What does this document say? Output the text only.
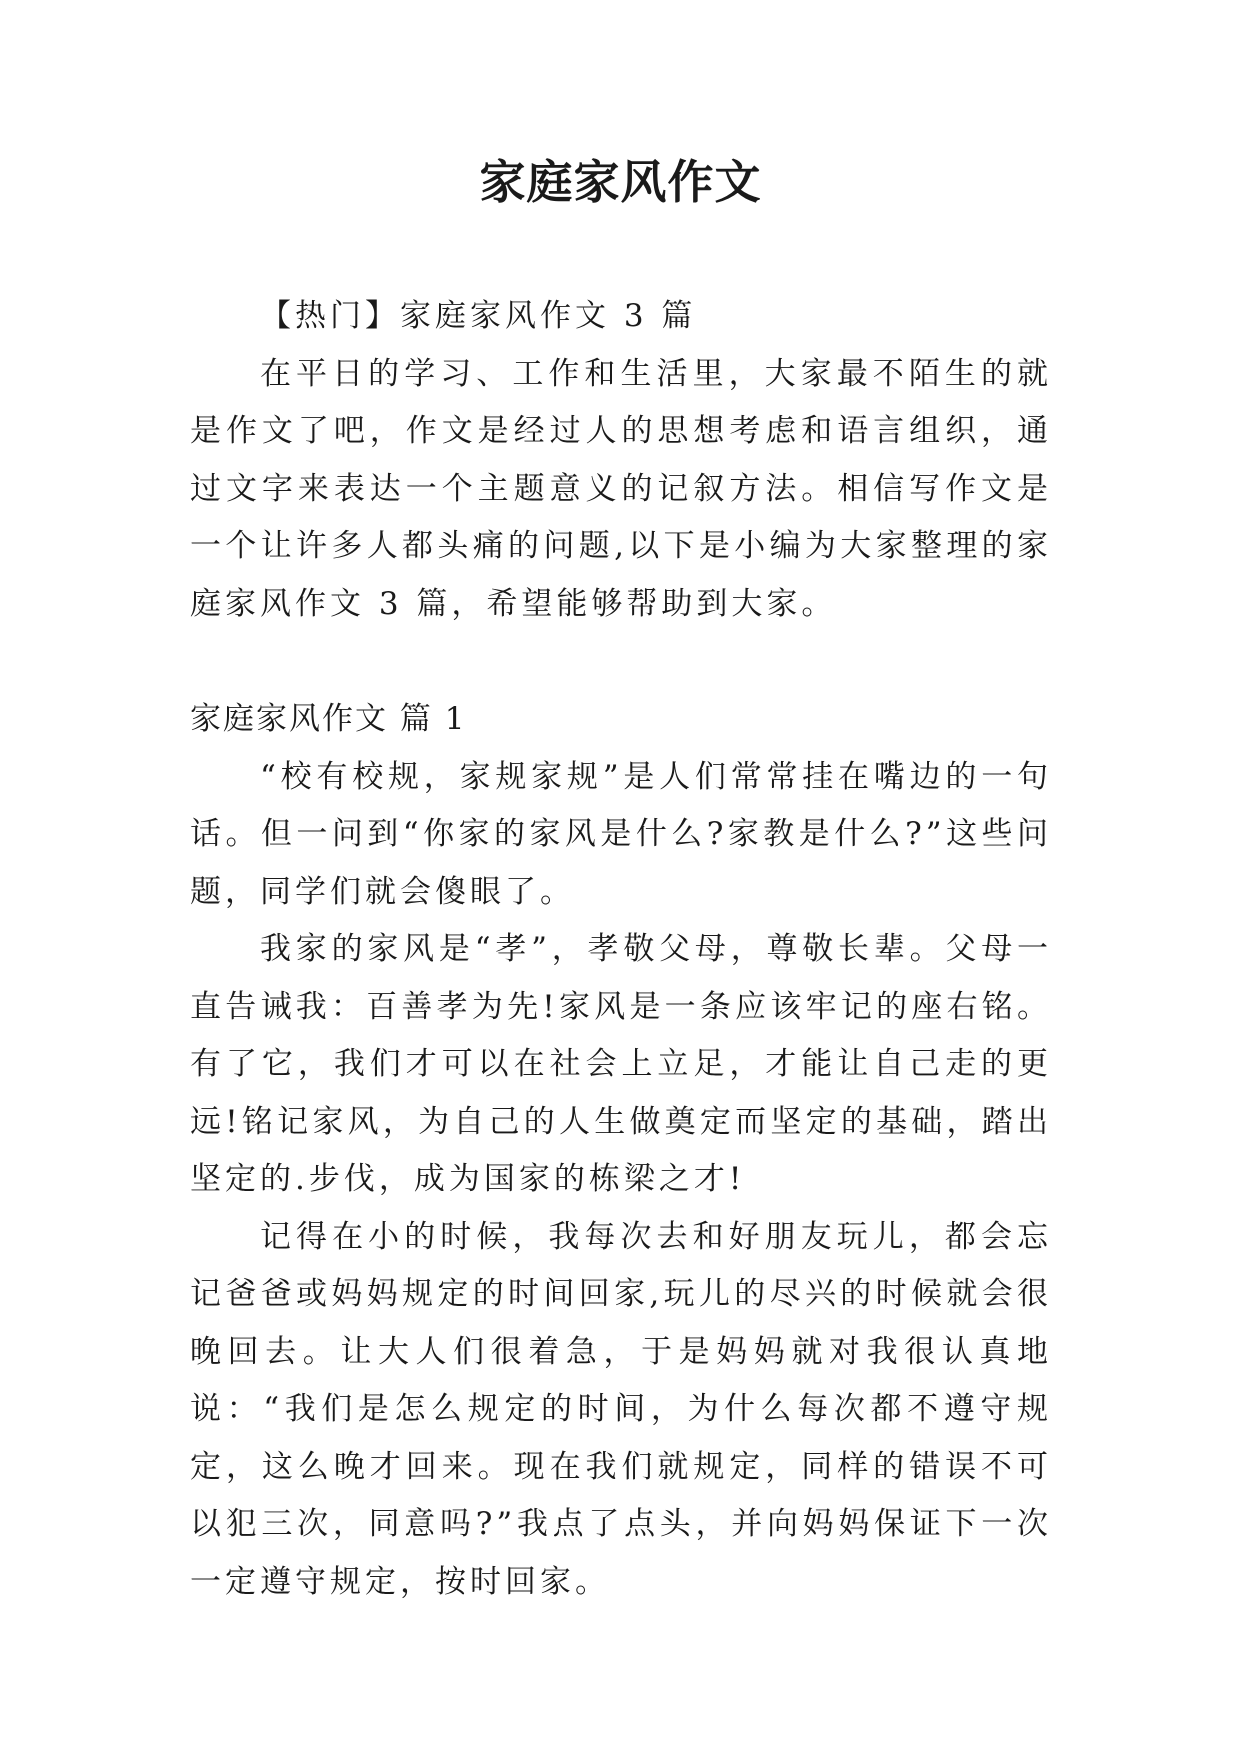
家庭家风作文

【热门】家庭家风作文 3 篇

在平日的学习、工作和生活里，大家最不陌生的就是作文了吧，作文是经过人的思想考虑和语言组织，通过文字来表达一个主题意义的记叙方法。相信写作文是一个让许多人都头痛的问题,以下是小编为大家整理的家庭家风作文 3 篇，希望能够帮助到大家。

家庭家风作文 篇 1

“校有校规，家规家规”是人们常常挂在嘴边的一句话。但一问到“你家的家风是什么?家教是什么?”这些问题，同学们就会傻眼了。

我家的家风是“孝”，孝敬父母，尊敬长辈。父母一直告诫我：百善孝为先!家风是一条应该牢记的座右铭。有了它，我们才可以在社会上立足，才能让自己走的更远!铭记家风，为自己的人生做奠定而坚定的基础，踏出坚定的.步伐，成为国家的栋梁之才!

记得在小的时候，我每次去和好朋友玩儿，都会忘记爸爸或妈妈规定的时间回家,玩儿的尽兴的时候就会很晚回去。让大人们很着急，于是妈妈就对我很认真地说：“我们是怎么规定的时间，为什么每次都不遵守规定，这么晚才回来。现在我们就规定，同样的错误不可以犯三次，同意吗?”我点了点头，并向妈妈保证下一次一定遵守规定，按时回家。
